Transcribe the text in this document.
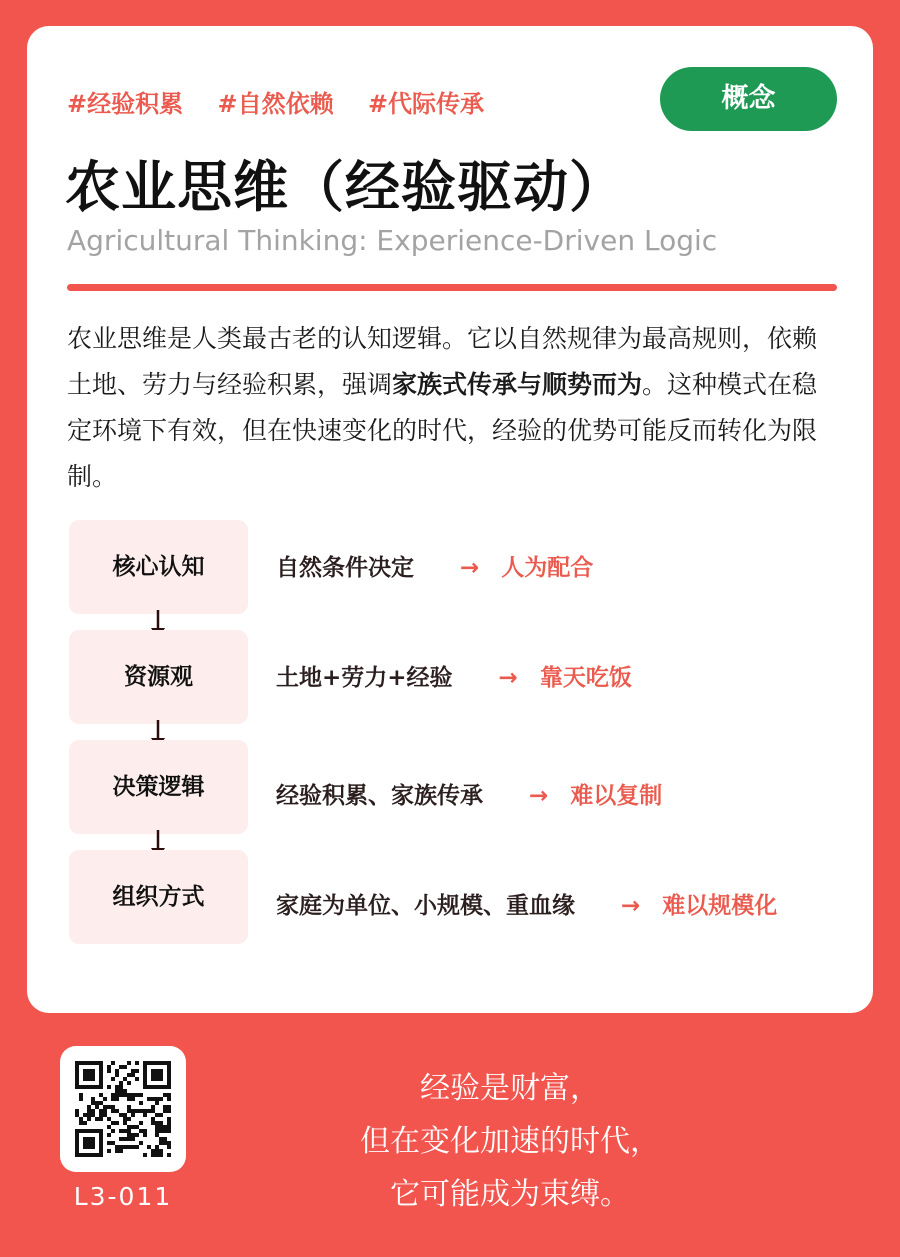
#经验积累 #自然依赖 #代际传承	概念
农业思维（经验驱动）
Agricultural Thinking: Experience-Driven Logic
农业思维是人类最古老的认知逻辑。它以自然规律为最高规则，依赖土地、劳力与经验积累，强调家族式传承与顺势而为。这种模式在稳定环境下有效，但在快速变化的时代，经验的优势可能反而转化为限制。
核心认知	自然条件决定 → 人为配合
资源观	土地+劳力+经验 → 靠天吃饭
决策逻辑	经验积累、家族传承 → 难以复制
组织方式	家庭为单位、小规模、重血缘 → 难以规模化
L3-011
经验是财富，
但在变化加速的时代，
它可能成为束缚。
